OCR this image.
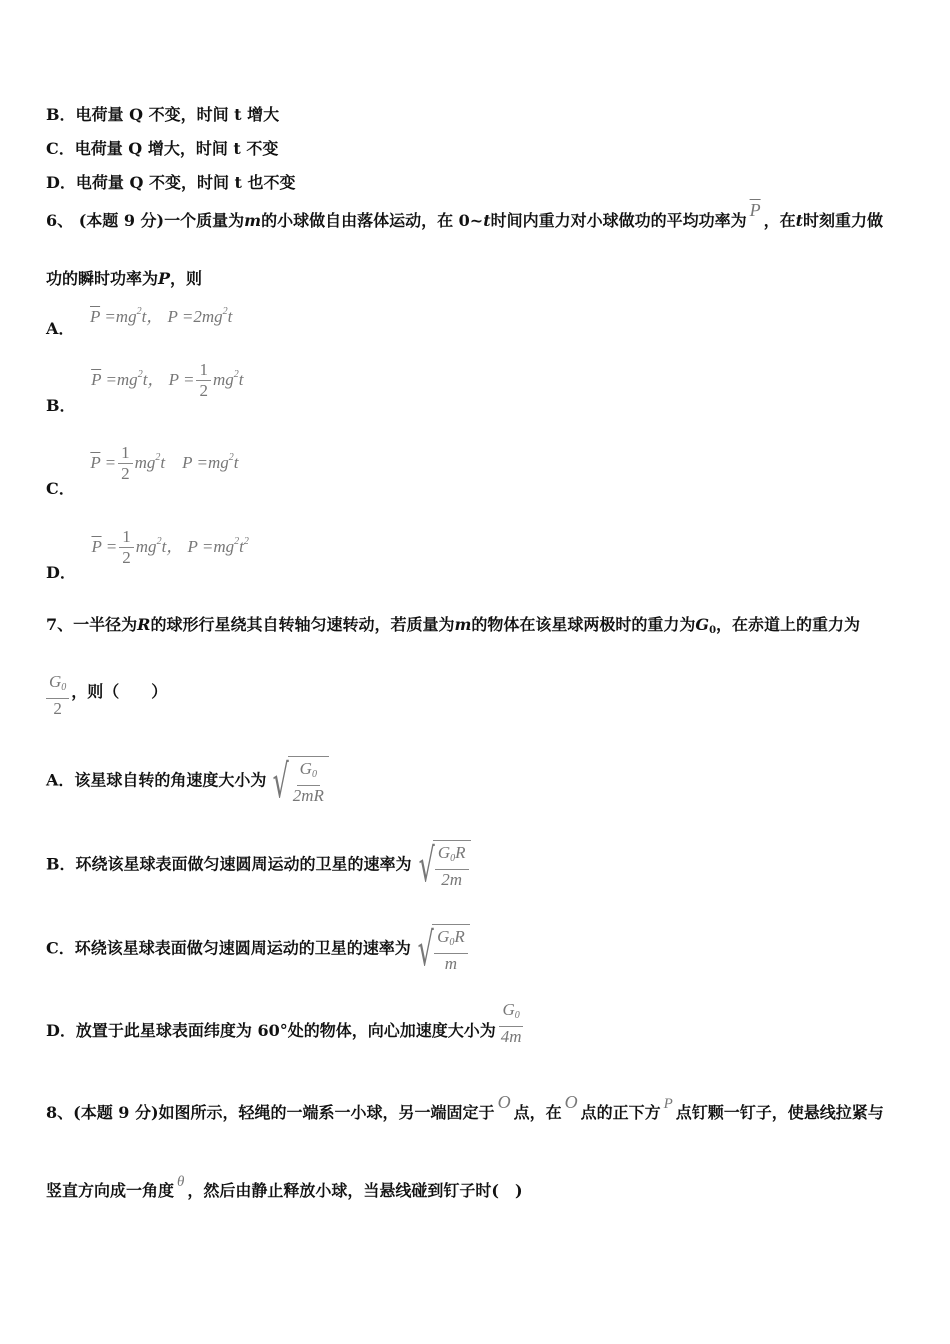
B．电荷量 Q 不变，时间 t 增大
C．电荷量 Q 增大，时间 t 不变
D．电荷量 Q 不变，时间 t 也不变
6、 (本题 9 分)一个质量为m的小球做自由落体运动，在 0~t时间内重力对小球做功的平均功率为$\overline{P}$，在t时刻重力做
功的瞬时功率为P，则
A． $\overline{P} =mg^2t$， $P =2mg^2t$
B． $\overline{P} =mg^2t$， $P = \frac{1}{2} mg^2t$
C． $\overline{P} = \frac{1}{2} mg^2t$    $P =mg^2t$
D． $\overline{P} = \frac{1}{2} mg^2t$， $P =mg^2t^2$
7、一半径为R的球形行星绕其自转轴匀速转动，若质量为m的物体在该星球两极时的重力为$G_0$，在赤道上的重力为
$\frac{G_0}{2}$ ，则（　　）
A．该星球自转的角速度大小为 √ $\frac{G_0}{2mR}$
B．环绕该星球表面做匀速圆周运动的卫星的速率为 √ $\frac{G_0R}{2m}$
C．环绕该星球表面做匀速圆周运动的卫星的速率为 √ $\frac{G_0R}{m}$
D．放置于此星球表面纬度为 60°处的物体，向心加速度大小为 $\frac{G_0}{4m}$
8、(本题 9 分)如图所示，轻绳的一端系一小球，另一端固定于O点，在O点的正下方 P 点钉颗一钉子，使悬线拉紧与
竖直方向成一角度 θ ，然后由静止释放小球，当悬线碰到钉子时(　)
